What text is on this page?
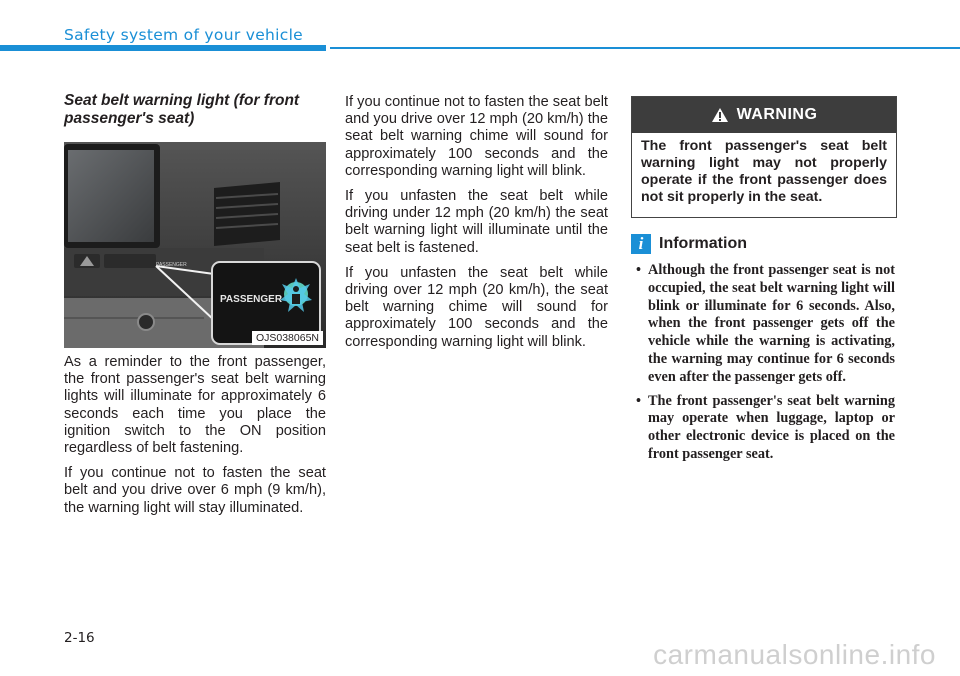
Safety system of your vehicle
Seat belt warning light (for front passenger's seat)
PASSENGER
PASSENGER
OJS038065N

As a reminder to the front passenger, the front passenger's seat belt warning lights will illuminate for approximately 6 seconds each time you place the ignition switch to the ON position regardless of belt fastening.

If you continue not to fasten the seat belt and you drive over 6 mph (9 km/h), the warning light will stay illuminated.

If you continue not to fasten the seat belt and you drive over 12 mph (20 km/h) the seat belt warning chime will sound for approximately 100 seconds and the corresponding warning light will blink.

If you unfasten the seat belt while driving under 12 mph (20 km/h) the seat belt warning light will illuminate until the seat belt is fastened.

If you unfasten the seat belt while driving over 12 mph (20 km/h), the seat belt warning chime will sound for approximately 100 seconds and the corresponding warning light will blink.

WARNING
The front passenger's seat belt warning light may not properly operate if the front passenger does not sit properly in the seat.
i Information
• Although the front passenger seat is not occupied, the seat belt warning light will blink or illuminate for 6 seconds. Also, when the front passenger gets off the vehicle while the warning is activating, the warning may continue for 6 seconds even after the passenger gets off.
• The front passenger's seat belt warning may operate when luggage, laptop or other electronic device is placed on the front passenger seat.
2-16
carmanualsonline.info
